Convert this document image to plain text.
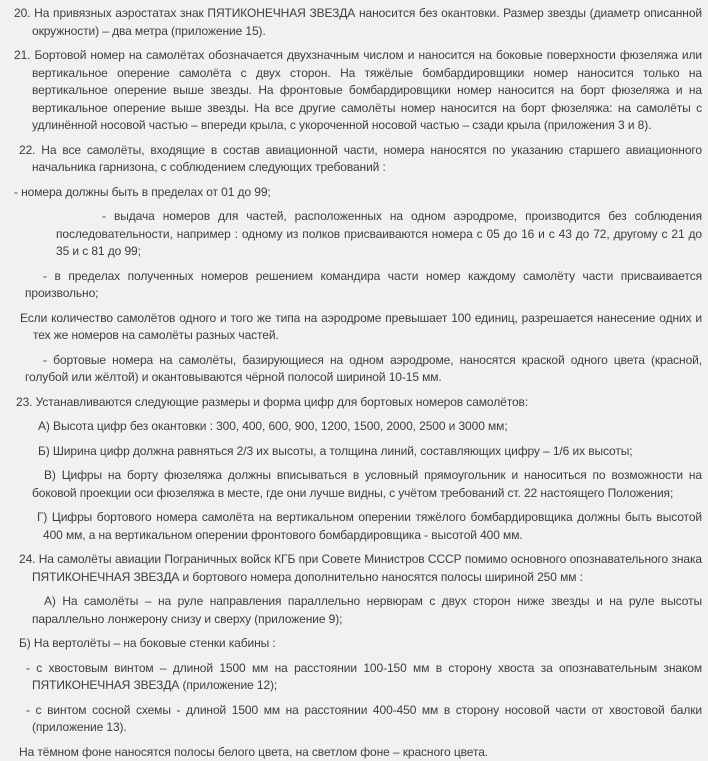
20. На привязных аэростатах знак ПЯТИКОНЕЧНАЯ ЗВЕЗДА наносится без окантовки. Размер звезды (диаметр описанной окружности) – два метра (приложение 15).

21. Бортовой номер на самолётах обозначается двухзначным числом и наносится на боковые поверхности фюзеляжа или вертикальное оперение самолёта с двух сторон. На тяжёлые бомбардировщики номер наносится только на вертикальное оперение выше звезды. На фронтовые бомбардировщики номер наносится на борт фюзеляжа и на вертикальное оперение выше звезды. На все другие самолёты номер наносится на борт фюзеляжа: на самолёты с удлинённой носовой частью – впереди крыла, с укороченной носовой частью – сзади крыла (приложения 3 и 8).

22. На все самолёты, входящие в состав авиационной части, номера наносятся по указанию старшего авиационного начальника гарнизона, с соблюдением следующих требований :

- номера должны быть в пределах от 01 до 99;

- выдача номеров для частей, расположенных на одном аэродроме, производится без соблюдения последовательности, например : одному из полков присваиваются номера с 05 до 16 и с 43 до 72, другому с 21 до 35 и с 81 до 99;

- в пределах полученных номеров решением командира части номер каждому самолёту части присваивается произвольно;

Если количество самолётов одного и того же типа на аэродроме превышает 100 единиц, разрешается нанесение одних и тех же номеров на самолёты разных частей.

- бортовые номера на самолёты, базирующиеся на одном аэродроме, наносятся краской одного цвета (красной, голубой или жёлтой) и окантовываются чёрной полосой шириной 10-15 мм.

23. Устанавливаются следующие размеры и форма цифр для бортовых номеров самолётов:

А) Высота цифр без окантовки : 300, 400, 600, 900, 1200, 1500, 2000, 2500 и 3000 мм;

Б) Ширина цифр должна равняться 2/3 их высоты, а толщина линий, составляющих цифру – 1/6 их высоты;

В) Цифры на борту фюзеляжа должны вписываться в условный прямоугольник и наноситься по возможности на боковой проекции оси фюзеляжа в месте, где они лучше видны, с учётом требований ст. 22 настоящего Положения;

Г) Цифры бортового номера самолёта на вертикальном оперении тяжёлого бомбардировщика должны быть высотой 400 мм, а на вертикальном оперении фронтового бомбардировщика - высотой 400 мм.

24. На самолёты авиации Пограничных войск КГБ при Совете Министров СССР помимо основного опознавательного знака ПЯТИКОНЕЧНАЯ ЗВЕЗДА и бортового номера дополнительно наносятся полосы шириной 250 мм :

А) На самолёты – на руле направления параллельно нервюрам с двух сторон ниже звезды и на руле высоты параллельно лонжерону снизу и сверху (приложение 9);

Б) На вертолёты – на боковые стенки кабины :

- с хвостовым винтом – длиной 1500 мм на расстоянии 100-150 мм в сторону хвоста за опознавательным знаком ПЯТИКОНЕЧНАЯ ЗВЕЗДА (приложение 12);

- с винтом сосной схемы - длиной 1500 мм на расстоянии 400-450 мм в сторону носовой части от хвостовой балки (приложение 13).

На тёмном фоне наносятся полосы белого цвета, на светлом фоне – красного цвета.
